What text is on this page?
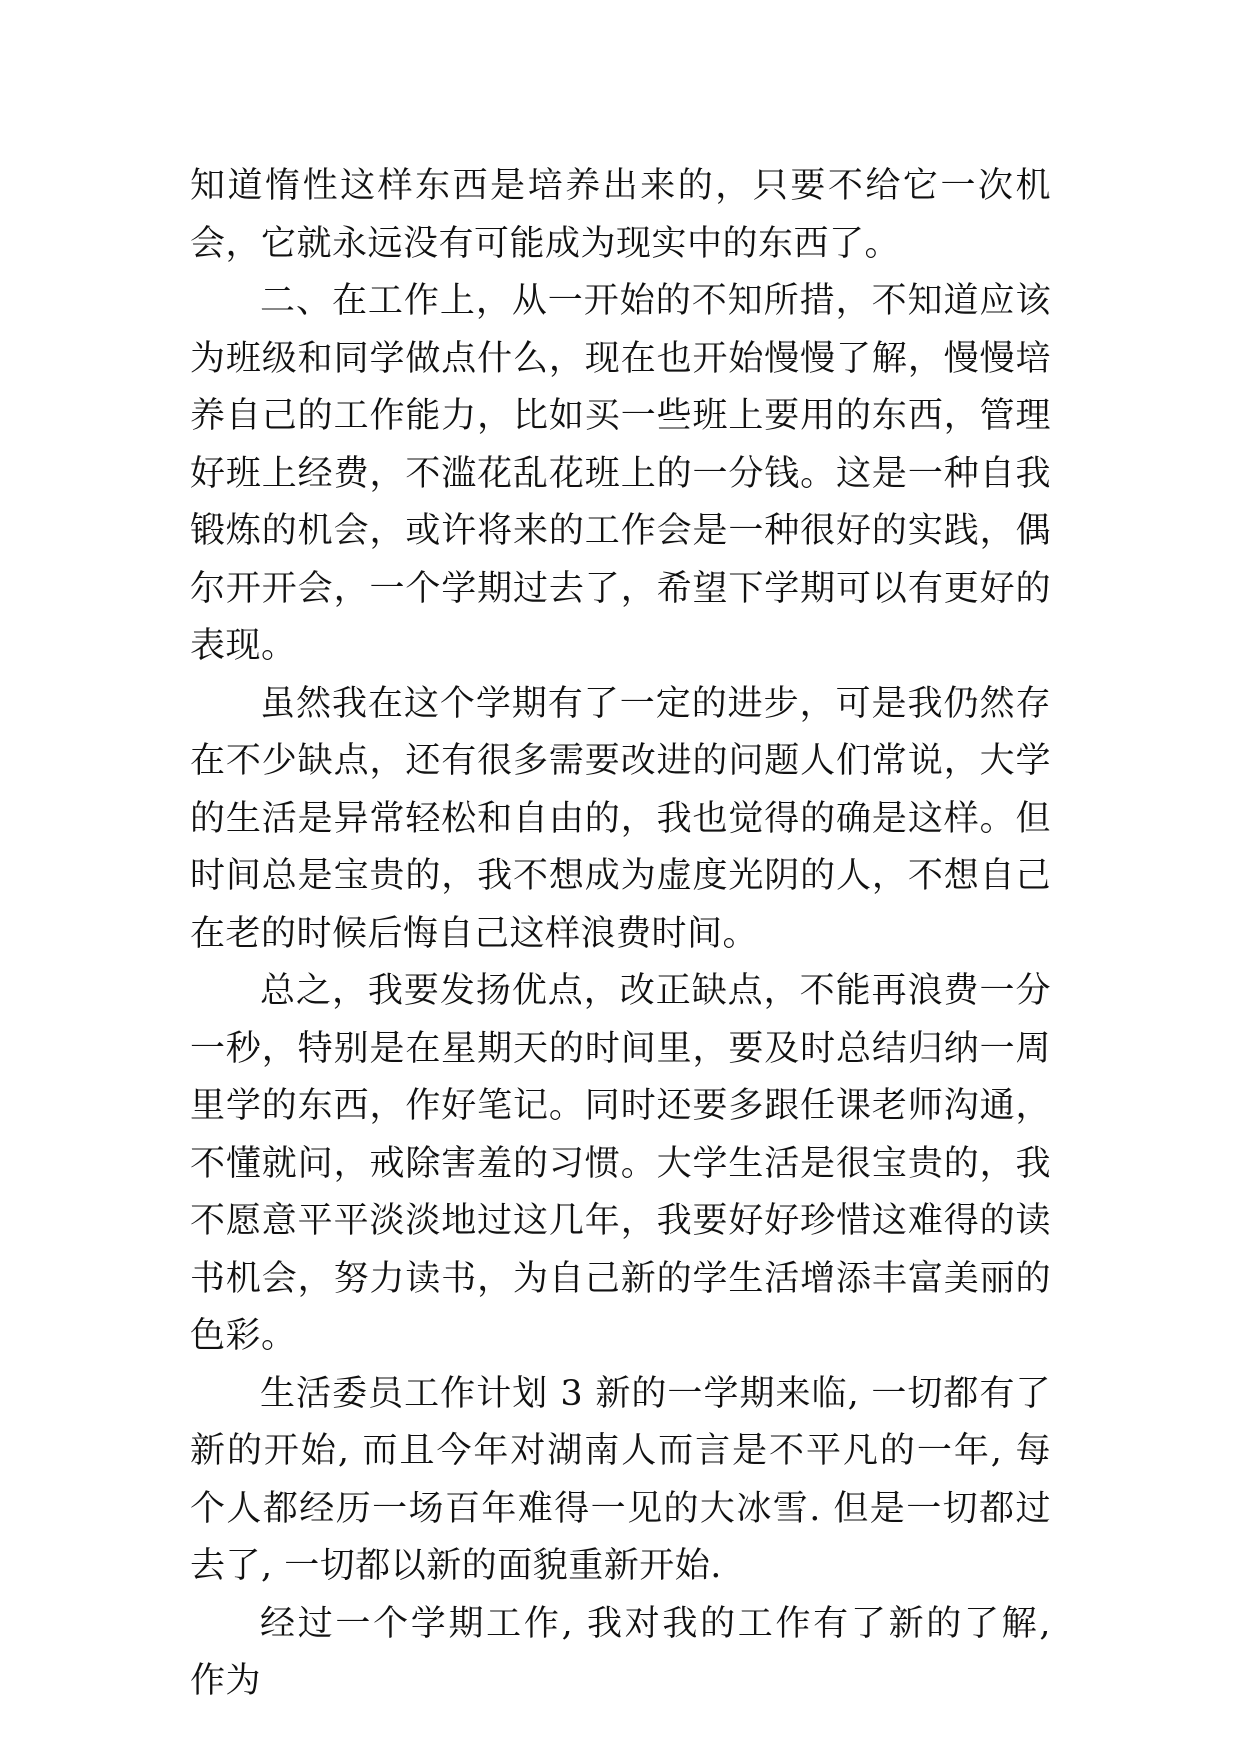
知道惰性这样东西是培养出来的，只要不给它一次机会，它就永远没有可能成为现实中的东西了。

二、在工作上，从一开始的不知所措，不知道应该为班级和同学做点什么，现在也开始慢慢了解，慢慢培养自己的工作能力，比如买一些班上要用的东西，管理好班上经费，不滥花乱花班上的一分钱。这是一种自我锻炼的机会，或许将来的工作会是一种很好的实践，偶尔开开会，一个学期过去了，希望下学期可以有更好的表现。

虽然我在这个学期有了一定的进步，可是我仍然存在不少缺点，还有很多需要改进的问题人们常说，大学的生活是异常轻松和自由的，我也觉得的确是这样。但时间总是宝贵的，我不想成为虚度光阴的人，不想自己在老的时候后悔自己这样浪费时间。

总之，我要发扬优点，改正缺点，不能再浪费一分一秒，特别是在星期天的时间里，要及时总结归纳一周里学的东西，作好笔记。同时还要多跟任课老师沟通，不懂就问，戒除害羞的习惯。大学生活是很宝贵的，我不愿意平平淡淡地过这几年，我要好好珍惜这难得的读书机会，努力读书，为自己新的学生活增添丰富美丽的色彩。

生活委员工作计划 3 新的一学期来临, 一切都有了新的开始, 而且今年对湖南人而言是不平凡的一年, 每个人都经历一场百年难得一见的大冰雪. 但是一切都过去了, 一切都以新的面貌重新开始.

经过一个学期工作, 我对我的工作有了新的了解, 作为
